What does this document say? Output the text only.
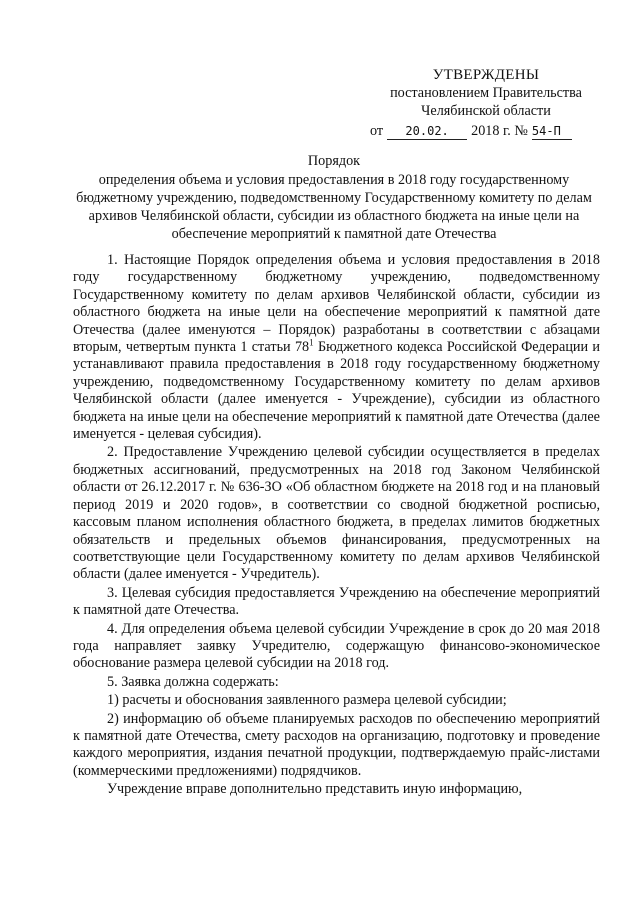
УТВЕРЖДЕНЫ
постановлением Правительства
Челябинской области
от 20.02. 2018 г. № 54-П
Порядок
определения объема и условия предоставления в 2018 году государственному бюджетному учреждению, подведомственному Государственному комитету по делам архивов Челябинской области, субсидии из областного бюджета на иные цели на обеспечение мероприятий к памятной дате Отечества

1. Настоящие Порядок определения объема и условия предоставления в 2018 году государственному бюджетному учреждению, подведомственному Государственному комитету по делам архивов Челябинской области, субсидии из областного бюджета на иные цели на обеспечение мероприятий к памятной дате Отечества (далее именуются – Порядок) разработаны в соответствии с абзацами вторым, четвертым пункта 1 статьи $78^1$ Бюджетного кодекса Российской Федерации и устанавливают правила предоставления в 2018 году государственному бюджетному учреждению, подведомственному Государственному комитету по делам архивов Челябинской области (далее именуется - Учреждение), субсидии из областного бюджета на иные цели на обеспечение мероприятий к памятной дате Отечества (далее именуется - целевая субсидия).

2. Предоставление Учреждению целевой субсидии осуществляется в пределах бюджетных ассигнований, предусмотренных на 2018 год Законом Челябинской области от 26.12.2017 г. № 636-ЗО «Об областном бюджете на 2018 год и на плановый период 2019 и 2020 годов», в соответствии со сводной бюджетной росписью, кассовым планом исполнения областного бюджета, в пределах лимитов бюджетных обязательств и предельных объемов финансирования, предусмотренных на соответствующие цели Государственному комитету по делам архивов Челябинской области (далее именуется - Учредитель).

3. Целевая субсидия предоставляется Учреждению на обеспечение мероприятий к памятной дате Отечества.

4. Для определения объема целевой субсидии Учреждение в срок до 20 мая 2018 года направляет заявку Учредителю, содержащую финансово-экономическое обоснование размера целевой субсидии на 2018 год.

5. Заявка должна содержать:

1) расчеты и обоснования заявленного размера целевой субсидии;

2) информацию об объеме планируемых расходов по обеспечению мероприятий к памятной дате Отечества, смету расходов на организацию, подготовку и проведение каждого мероприятия, издания печатной продукции, подтверждаемую прайс-листами (коммерческими предложениями) подрядчиков.

Учреждение вправе дополнительно представить иную информацию,
